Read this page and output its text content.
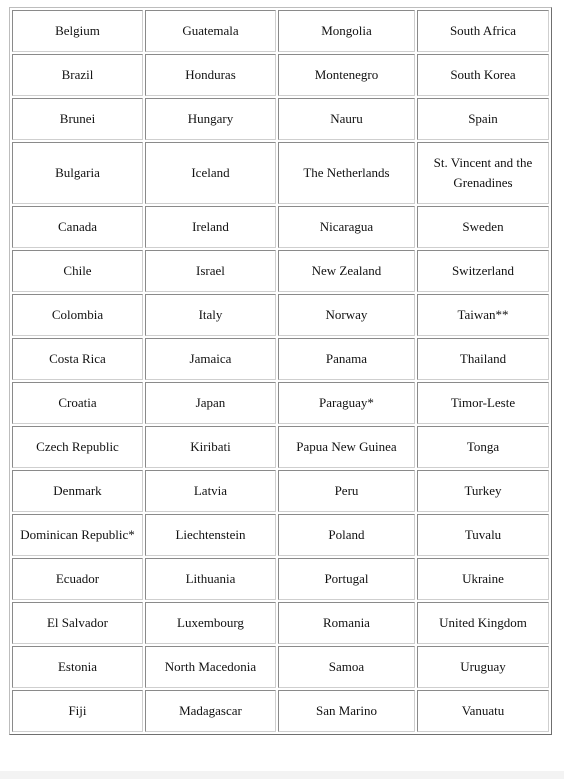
Belgium	Guatemala	Mongolia	South Africa
Brazil	Honduras	Montenegro	South Korea
Brunei	Hungary	Nauru	Spain
Bulgaria	Iceland	The Netherlands	St. Vincent and the Grenadines
Canada	Ireland	Nicaragua	Sweden
Chile	Israel	New Zealand	Switzerland
Colombia	Italy	Norway	Taiwan**
Costa Rica	Jamaica	Panama	Thailand
Croatia	Japan	Paraguay*	Timor-Leste
Czech Republic	Kiribati	Papua New Guinea	Tonga
Denmark	Latvia	Peru	Turkey
Dominican Republic*	Liechtenstein	Poland	Tuvalu
Ecuador	Lithuania	Portugal	Ukraine
El Salvador	Luxembourg	Romania	United Kingdom
Estonia	North Macedonia	Samoa	Uruguay
Fiji	Madagascar	San Marino	Vanuatu
